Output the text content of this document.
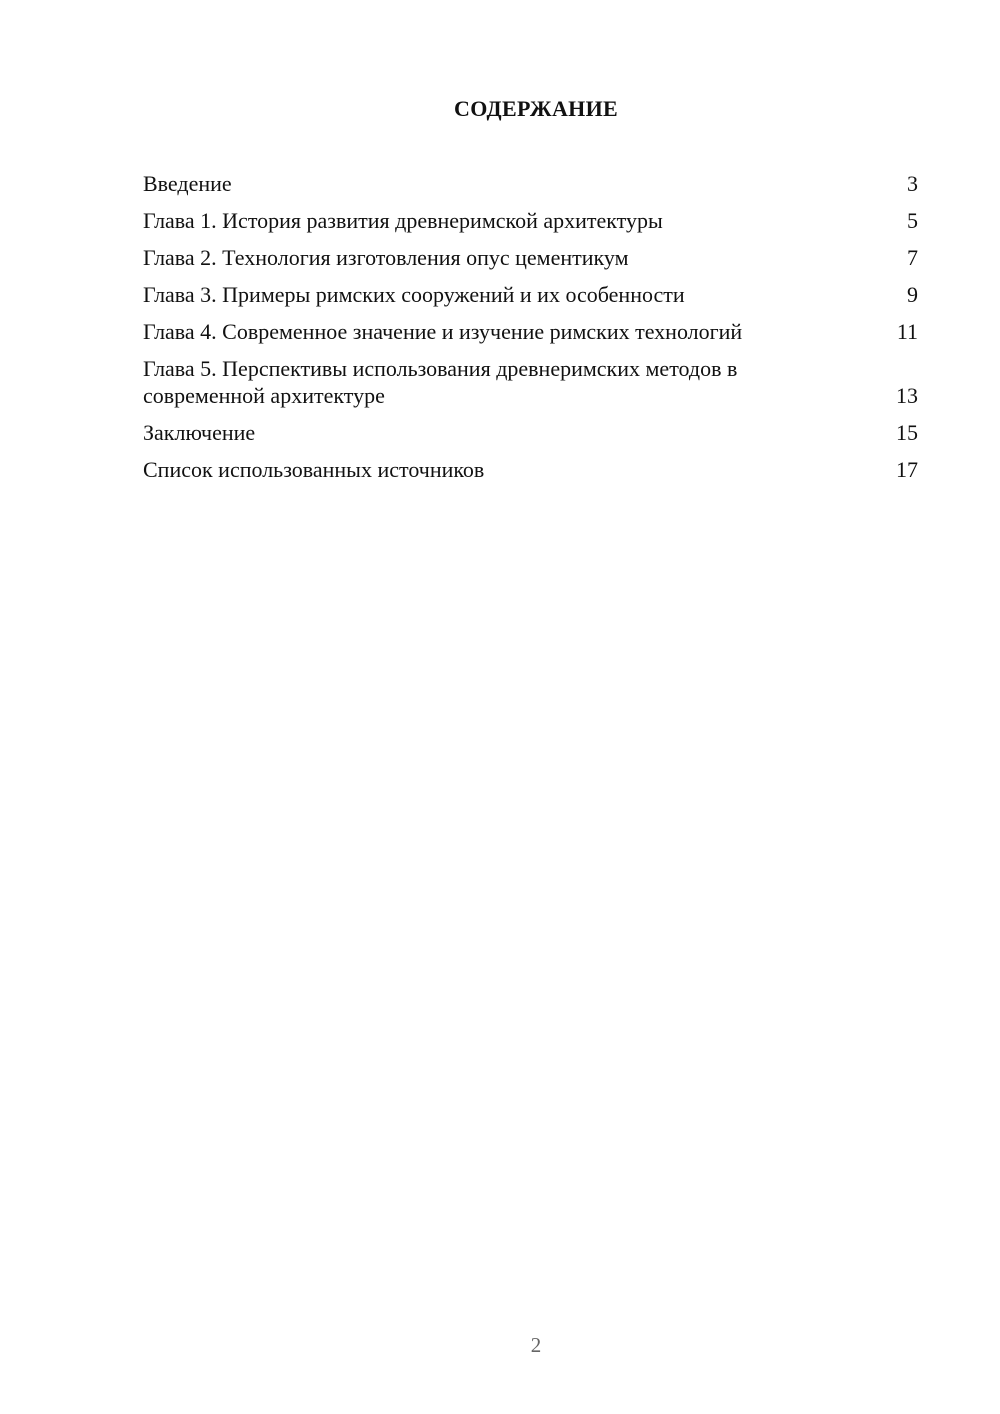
СОДЕРЖАНИЕ
Введение	3
Глава 1. История развития древнеримской архитектуры	5
Глава 2. Технология изготовления опус цементикум	7
Глава 3. Примеры римских сооружений и их особенности	9
Глава 4. Современное значение и изучение римских технологий	11
Глава 5. Перспективы использования древнеримских методов в современной архитектуре	13
Заключение	15
Список использованных источников	17
2
